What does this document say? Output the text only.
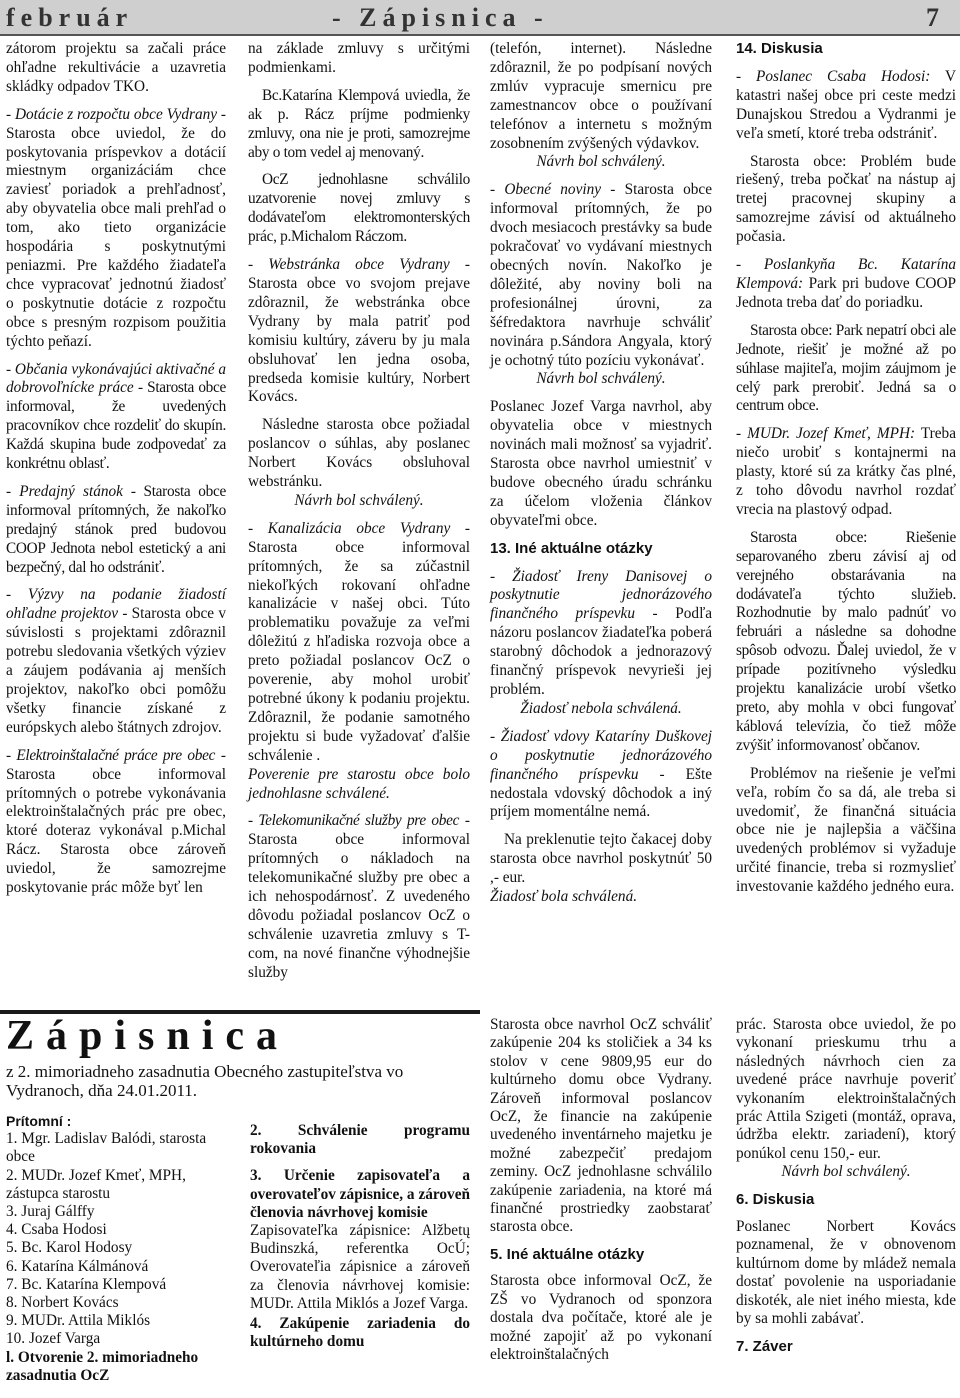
február	- Zápisnica -	7

zátorom projektu sa začali práce ohľadne rekultivácie a uzavretia skládky odpadov TKO.

- Dotácie z rozpočtu obce Vydrany - Starosta obce uviedol, že do poskytovania príspevkov a dotácií miestnym organizáciám chce zaviesť poriadok a prehľadnosť, aby obyvatelia obce mali prehľad o tom, ako tieto organizácie hospodária s poskytnutými peniazmi. Pre každého žiadateľa chce vypracovať jednotnú žiadosť o poskytnutie dotácie z rozpočtu obce s presným rozpisom použitia týchto peňazí.

- Občania vykonávajúci aktivačné a dobrovoľnícke práce - Starosta obce informoval, že uvedených pracovníkov chce rozdeliť do skupín. Každá skupina bude zodpovedať za konkrétnu oblasť.

- Predajný stánok - Starosta obce informoval prítomných, že nakoľko predajný stánok pred budovou COOP Jednota nebol estetický a ani bezpečný, dal ho odstrániť.

- Výzvy na podanie žiadostí ohľadne projektov - Starosta obce v súvislosti s projektami zdôraznil potrebu sledovania všetkých výziev a záujem podávania aj menších projektov, nakoľko obci pomôžu všetky financie získané z európskych alebo štátnych zdrojov.

- Elektroinštalačné práce pre obec - Starosta obce informoval prítomných o potrebe vykonávania elektroinštalačných prác pre obec, ktoré doteraz vykonával p.Michal Rácz. Starosta obce zároveň uviedol, že samozrejme poskytovanie prác môže byť len

na základe zmluvy s určitými podmienkami.

Bc.Katarína Klempová uviedla, že ak p. Rácz príjme podmienky zmluvy, ona nie je proti, samozrejme aby o tom vedel aj menovaný.

OcZ jednohlasne schválilo uzatvorenie novej zmluvy s dodávateľom elektromonterských prác, p.Michalom Ráczom.

- Webstránka obce Vydrany - Starosta obce vo svojom prejave zdôraznil, že webstránka obce Vydrany by mala patriť pod komisiu kultúry, záveru by ju mala obsluhovať len jedna osoba, predseda komisie kultúry, Norbert Kovács.

Následne starosta obce požiadal poslancov o súhlas, aby poslanec Norbert Kovács obsluhoval webstránku.

Návrh bol schválený.

- Kanalizácia obce Vydrany - Starosta obce informoval prítomných, že sa zúčastnil niekoľkých rokovaní ohľadne kanalizácie v našej obci. Túto problematiku považuje za veľmi dôležitú z hľadiska rozvoja obce a preto požiadal poslancov OcZ o poverenie, aby mohol urobiť potrebné úkony k podaniu projektu. Zdôraznil, že podanie samotného projektu si bude vyžadovať ďalšie schválenie .

Poverenie pre starostu obce bolo jednohlasne schválené.

- Telekomunikačné služby pre obec - Starosta obce informoval prítomných o nákladoch na telekomunikačné služby pre obec a ich nehospodárnosť. Z uvedeného dôvodu požiadal poslancov OcZ o schválenie uzavretia zmluvy s T-com, na nové finančne výhodnejšie služby

(telefón, internet). Následne zdôraznil, že po podpísaní nových zmlúv vypracuje smernicu pre zamestnancov obce o používaní telefónov a internetu s možným zosobnením zvýšených výdavkov.

Návrh bol schválený.

- Obecné noviny - Starosta obce informoval prítomných, že po dvoch mesiacoch prestávky sa bude pokračovať vo vydávaní miestnych obecných novín. Nakoľko je dôležité, aby noviny boli na profesionálnej úrovni, za šéfredaktora navrhuje schváliť novinára p.Sándora Angyala, ktorý je ochotný túto pozíciu vykonávať.

Návrh bol schválený.

Poslanec Jozef Varga navrhol, aby obyvatelia obce v miestnych novinách mali možnosť sa vyjadriť. Starosta obce navrhol umiestniť v budove obecného úradu schránku za účelom vloženia článkov obyvateľmi obce.

13. Iné aktuálne otázky

- Žiadosť Ireny Danisovej o poskytnutie jednorázového finančného príspevku - Podľa názoru poslancov žiadateľka poberá starobný dôchodok a jednorazový finančný príspevok nevyrieši jej problém.

Žiadosť nebola schválená.

- Žiadosť vdovy Kataríny Duškovej o poskytnutie jednorázového finančného príspevku - Ešte nedostala vdovský dôchodok a iný príjem momentálne nemá.

Na preklenutie tejto čakacej doby starosta obce navrhol poskytnúť 50 ,- eur.

Žiadosť bola schválená.

14. Diskusia

- Poslanec Csaba Hodosi: V katastri našej obce pri ceste medzi Dunajskou Stredou a Vydranmi je veľa smetí, ktoré treba odstrániť.

Starosta obce: Problém bude riešený, treba počkať na nástup aj tretej pracovnej skupiny a samozrejme závisí od aktuálneho počasia.

- Poslankyňa Bc. Katarína Klempová: Park pri budove COOP Jednota treba dať do poriadku.

Starosta obce: Park nepatrí obci ale Jednote, riešiť je možné až po súhlase majiteľa, mojim záujmom je celý park prerobiť. Jedná sa o centrum obce.

- MUDr. Jozef Kmeť, MPH: Treba niečo urobiť s kontajnermi na plasty, ktoré sú za krátky čas plné, z toho dôvodu navrhol rozdať vrecia na plastový odpad.

Starosta obce: Riešenie separovaného zberu závisí aj od verejného obstarávania na dodávateľa týchto služieb. Rozhodnutie by malo padnúť vo februári a následne sa dohodne spôsob odvozu. Ďalej uviedol, že v prípade pozitívneho výsledku projektu kanalizácie urobí všetko preto, aby mohla v obci fungovať káblová televízia, čo tiež môže zvýšiť informovanosť občanov.

Problémov na riešenie je veľmi veľa, robím čo sa dá, ale treba si uvedomiť, že finančná situácia obce nie je najlepšia a väčšina uvedených problémov si vyžaduje určité financie, treba si rozmyslieť investovanie každého jedného eura.

Zápisnica
z 2. mimoriadneho zasadnutia Obecného zastupiteľstva vo Vydranoch, dňa 24.01.2011.
Prítomní :
1. Mgr. Ladislav Balódi, starosta obce
2. MUDr. Jozef Kmeť, MPH, zástupca starostu
3. Juraj Gálffy
4. Csaba Hodosi
5. Bc. Karol Hodosy
6. Katarína Kálmánová
7. Bc. Katarína Klempová
8. Norbert Kovács
9. MUDr. Attila Miklós
10. Jozef Varga
l. Otvorenie 2. mimoriadneho zasadnutia OcZ

2. Schválenie programu rokovania

3. Určenie zapisovateľa a overovateľov zápisnice, a zároveň členovia návrhovej komisie

Zapisovateľka zápisnice: Alžbetų Budinszká, referentka OcÚ; Overovateľia zápisnice a zároveň za členovia návrhovej komisie: MUDr. Attila Miklós a Jozef Varga.

4. Zakúpenie zariadenia do kultúrneho domu

Starosta obce navrhol OcZ schváliť zakúpenie 204 ks stoličiek a 34 ks stolov v cene 9809,95 eur do kultúrneho domu obce Vydrany. Zároveň informoval poslancov OcZ, že financie na zakúpenie uvedeného inventárneho majetku je možné zabezpečiť predajom zeminy. OcZ jednohlasne schválilo zakúpenie zariadenia, na ktoré má finančné prostriedky zaobstarať starosta obce.

5. Iné aktuálne otázky

Starosta obce informoval OcZ, že ZŠ vo Vydranoch od sponzora dostala dva počítače, ktoré ale je možné zapojiť až po vykonaní elektroinštalačných

prác. Starosta obce uviedol, že po vykonaní prieskumu trhu a následných návrhoch cien za uvedené práce navrhuje poveriť vykonaním elektroinštalačných prác Attila Szigeti (montáž, oprava, údržba elektr. zariadení), ktorý ponúkol cenu 150,- eur.

Návrh bol schválený.

6. Diskusia

Poslanec Norbert Kovács poznamenal, že v obnovenom kultúrnom dome by mládež nemala dostať povolenie na usporiadanie diskoték, ale niet iného miesta, kde by sa mohli zabávať.

7. Záver
